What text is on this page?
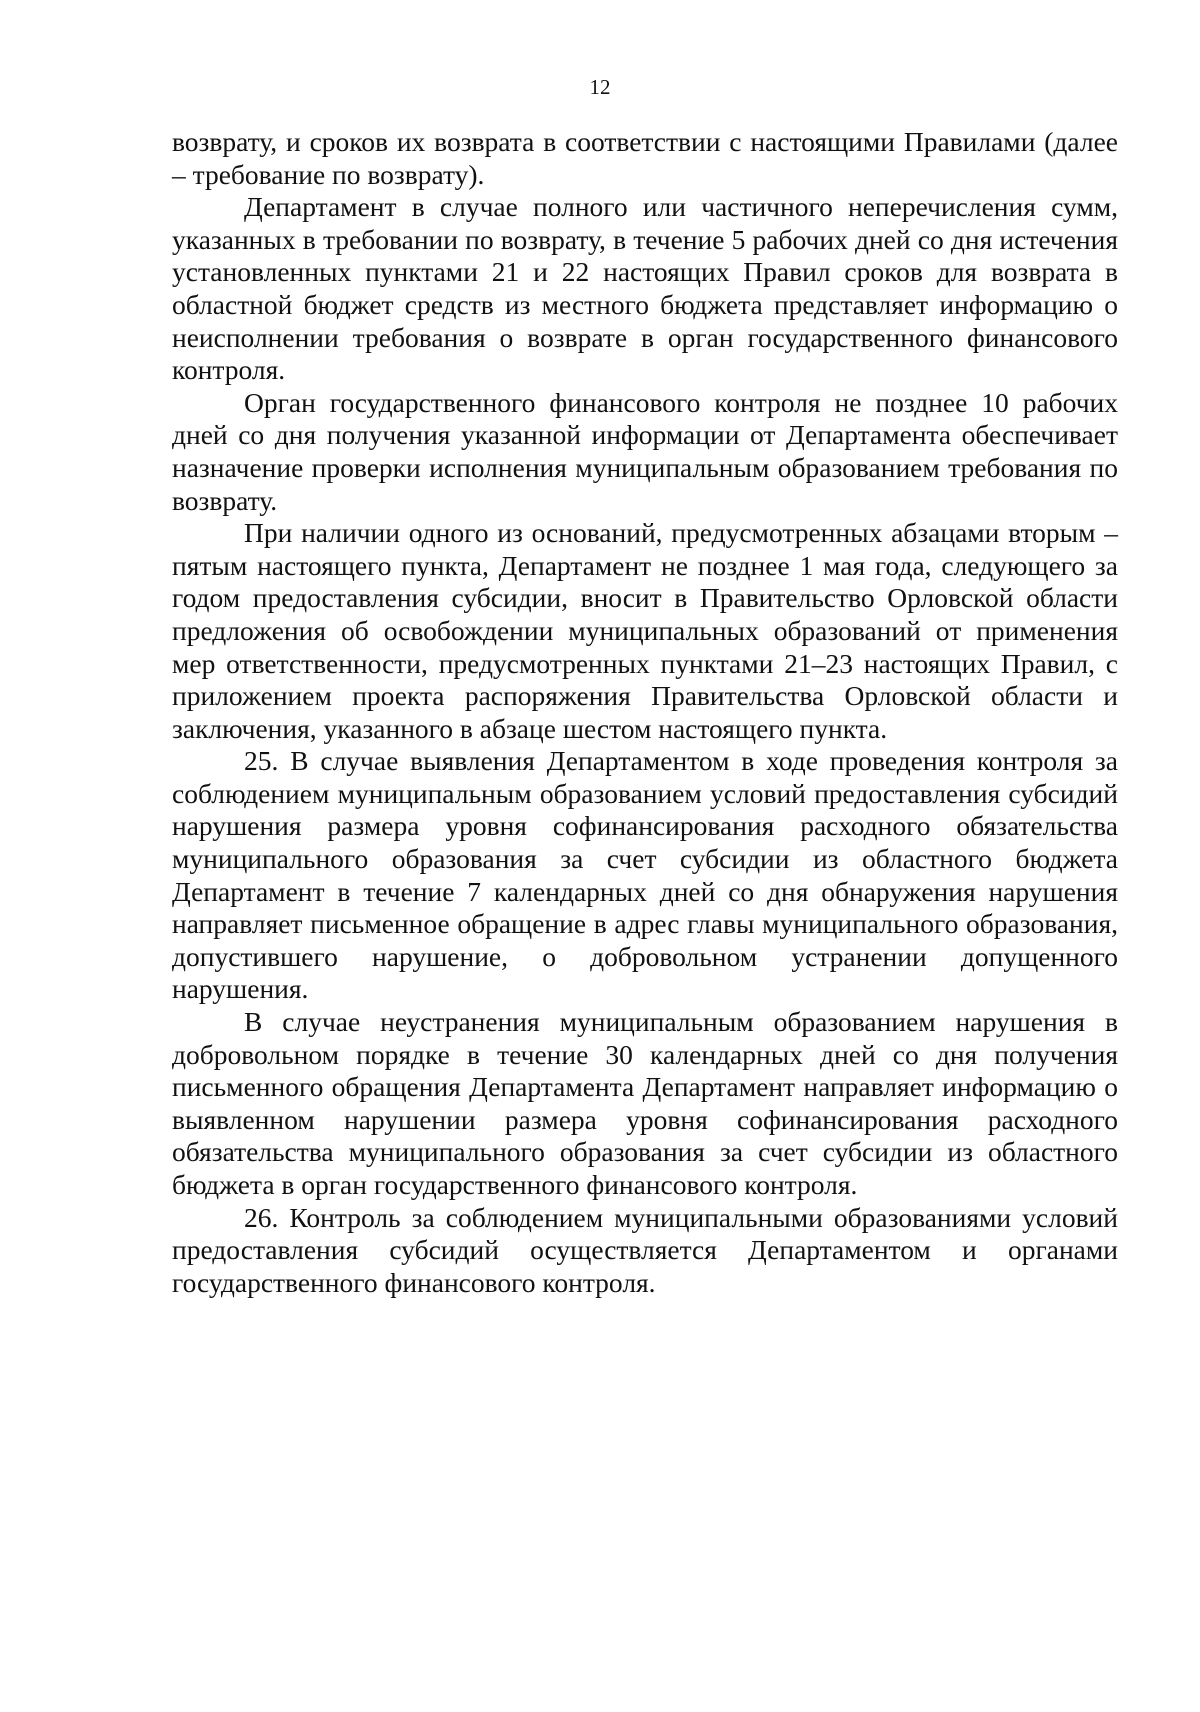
12

возврату, и сроков их возврата в соответствии с настоящими Правилами (далее – требование по возврату).

Департамент в случае полного или частичного неперечисления сумм, указанных в требовании по возврату, в течение 5 рабочих дней со дня истечения установленных пунктами 21 и 22 настоящих Правил сроков для возврата в областной бюджет средств из местного бюджета представляет информацию о неисполнении требования о возврате в орган государственного финансового контроля.

Орган государственного финансового контроля не позднее 10 рабочих дней со дня получения указанной информации от Департамента обеспечивает назначение проверки исполнения муниципальным образованием требования по возврату.

При наличии одного из оснований, предусмотренных абзацами вторым – пятым настоящего пункта, Департамент не позднее 1 мая года, следующего за годом предоставления субсидии, вносит в Правительство Орловской области предложения об освобождении муниципальных образований от применения мер ответственности, предусмотренных пунктами 21–23 настоящих Правил, с приложением проекта распоряжения Правительства Орловской области и заключения, указанного в абзаце шестом настоящего пункта.

25. В случае выявления Департаментом в ходе проведения контроля за соблюдением муниципальным образованием условий предоставления субсидий нарушения размера уровня софинансирования расходного обязательства муниципального образования за счет субсидии из областного бюджета Департамент в течение 7 календарных дней со дня обнаружения нарушения направляет письменное обращение в адрес главы муниципального образования, допустившего нарушение, о добровольном устранении допущенного нарушения.

В случае неустранения муниципальным образованием нарушения в добровольном порядке в течение 30 календарных дней со дня получения письменного обращения Департамента Департамент направляет информацию о выявленном нарушении размера уровня софинансирования расходного обязательства муниципального образования за счет субсидии из областного бюджета в орган государственного финансового контроля.

26. Контроль за соблюдением муниципальными образованиями условий предоставления субсидий осуществляется Департаментом и органами государственного финансового контроля.
